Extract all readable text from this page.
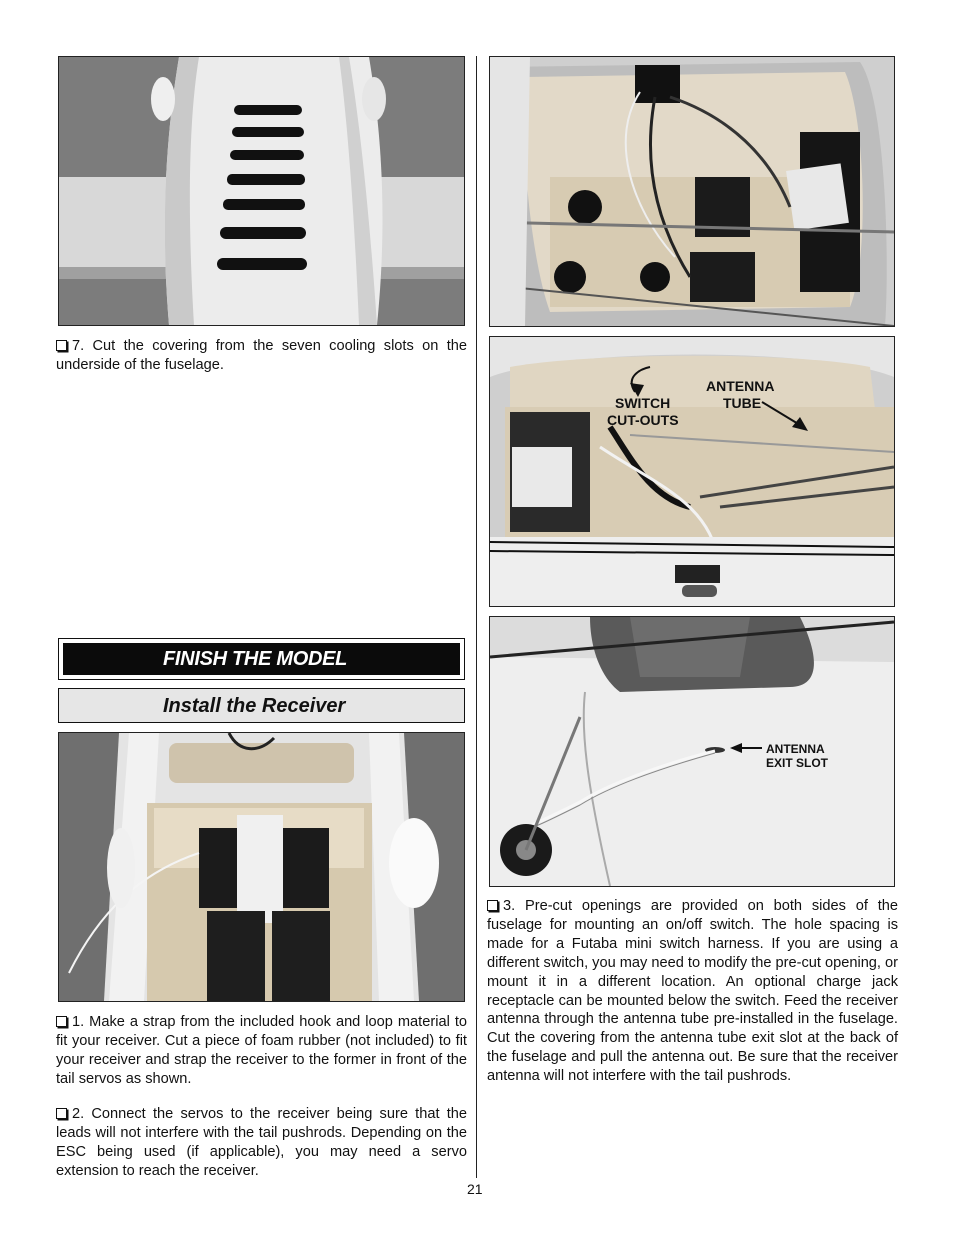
SWITCH
CUT-OUTS
ANTENNA
TUBE
ANTENNA
EXIT SLOT

7. Cut the covering from the seven cooling slots on the underside of the fuselage.

FINISH THE MODEL
Install the Receiver

1. Make a strap from the included hook and loop material to fit your receiver. Cut a piece of foam rubber (not included) to fit your receiver and strap the receiver to the former in front of the tail servos as shown.

2. Connect the servos to the receiver being sure that the leads will not interfere with the tail pushrods. Depending on the ESC being used (if applicable), you may need a servo extension to reach the receiver.

3. Pre-cut openings are provided on both sides of the fuselage for mounting an on/off switch. The hole spacing is made for a Futaba mini switch harness. If you are using a different switch, you may need to modify the pre-cut opening, or mount it in a different location. An optional charge jack receptacle can be mounted below the switch. Feed the receiver antenna through the antenna tube pre-installed in the fuselage. Cut the covering from the antenna tube exit slot at the back of the fuselage and pull the antenna out. Be sure that the receiver antenna will not interfere with the tail pushrods.

21
